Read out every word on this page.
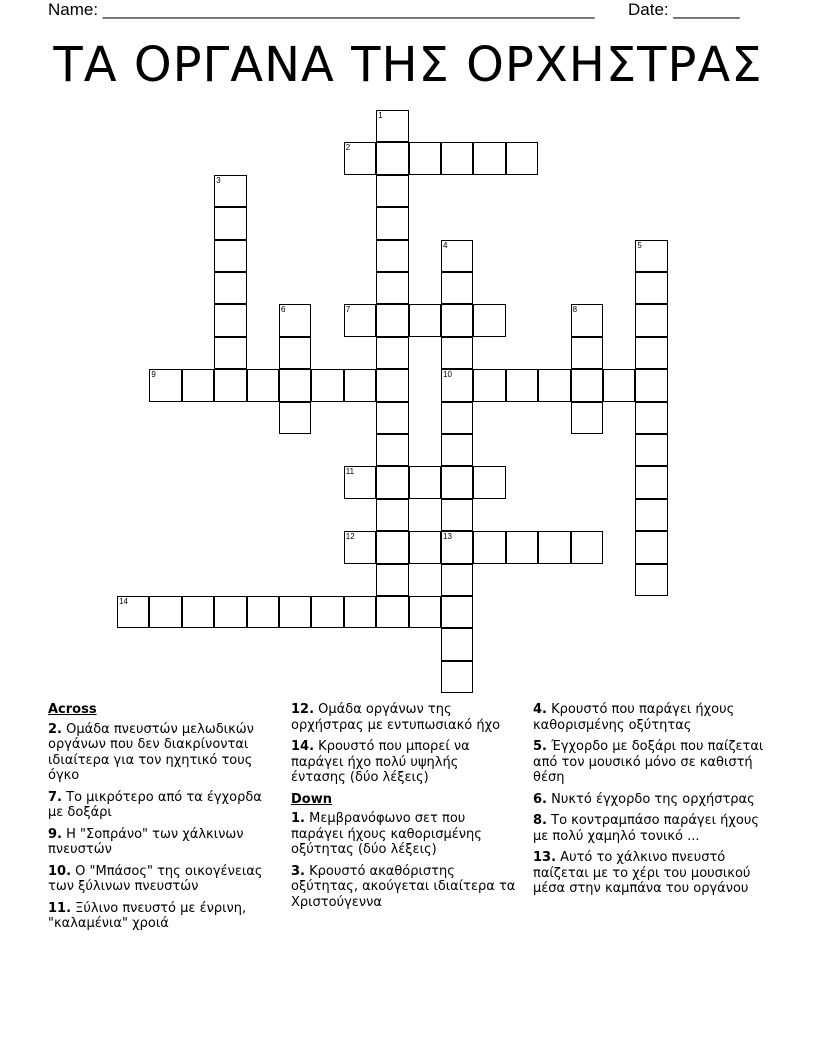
Name: ____________________________________________________ Date: _______
ΤΑ ΟΡΓΑΝΑ ΤΗΣ ΟΡΧΗΣΤΡΑΣ
1
2
3
4
10
13
5
6	7	8
9
11
12
14
Across
2. Ομάδα πνευστών μελωδικών οργάνων που δεν διακρίνονται ιδιαίτερα για τον ηχητικό τους όγκο
7. Το μικρότερο από τα έγχορδα με δοξάρι
9. Η "Σοπράνο" των χάλκινων πνευστών
10. Ο "Μπάσος" της οικογένειας των ξύλινων πνευστών
11. Ξύλινο πνευστό με ένρινη, "καλαμένια" χροιά
12. Ομάδα οργάνων της ορχήστρας με εντυπωσιακό ήχο
14. Κρουστό που μπορεί να παράγει ήχο πολύ υψηλής έντασης (δύο λέξεις)
Down
1. Μεμβρανόφωνο σετ που παράγει ήχους καθορισμένης οξύτητας (δύο λέξεις)
3. Κρουστό ακαθόριστης οξύτητας, ακούγεται ιδιαίτερα τα Χριστούγεννα
4. Κρουστό που παράγει ήχους καθορισμένης οξύτητας
5. Έγχορδο με δοξάρι που παίζεται από τον μουσικό μόνο σε καθιστή θέση
6. Νυκτό έγχορδο της ορχήστρας
8. Το κοντραμπάσο παράγει ήχους με πολύ χαμηλό τονικό ...
13. Αυτό το χάλκινο πνευστό παίζεται με το χέρι του μουσικού μέσα στην καμπάνα του οργάνου
